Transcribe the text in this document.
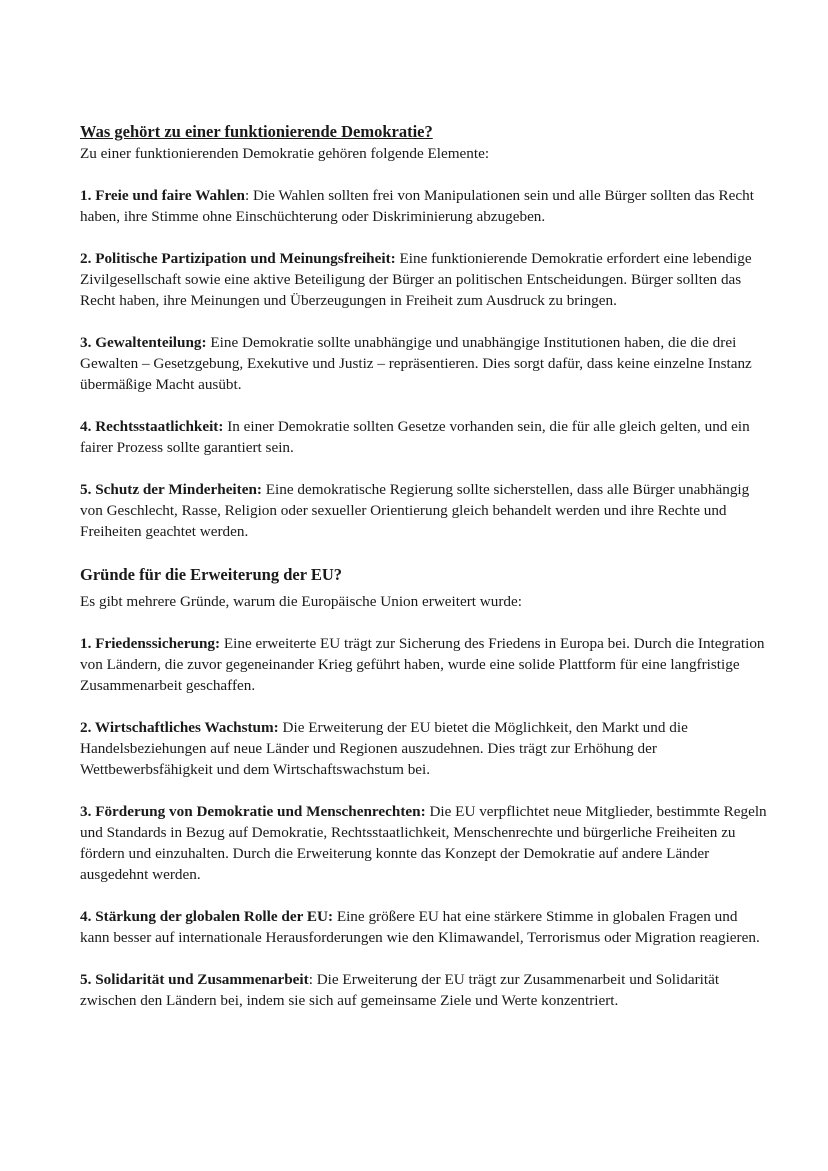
Was gehört zu einer funktionierende Demokratie?

Zu einer funktionierenden Demokratie gehören folgende Elemente:

1. Freie und faire Wahlen: Die Wahlen sollten frei von Manipulationen sein und alle Bürger sollten das Recht haben, ihre Stimme ohne Einschüchterung oder Diskriminierung abzugeben.

2. Politische Partizipation und Meinungsfreiheit: Eine funktionierende Demokratie erfordert eine lebendige Zivilgesellschaft sowie eine aktive Beteiligung der Bürger an politischen Entscheidungen. Bürger sollten das Recht haben, ihre Meinungen und Überzeugungen in Freiheit zum Ausdruck zu bringen.

3. Gewaltenteilung: Eine Demokratie sollte unabhängige und unabhängige Institutionen haben, die die drei Gewalten – Gesetzgebung, Exekutive und Justiz – repräsentieren. Dies sorgt dafür, dass keine einzelne Instanz übermäßige Macht ausübt.

4. Rechtsstaatlichkeit: In einer Demokratie sollten Gesetze vorhanden sein, die für alle gleich gelten, und ein fairer Prozess sollte garantiert sein.

5. Schutz der Minderheiten: Eine demokratische Regierung sollte sicherstellen, dass alle Bürger unabhängig von Geschlecht, Rasse, Religion oder sexueller Orientierung gleich behandelt werden und ihre Rechte und Freiheiten geachtet werden.

Gründe für die Erweiterung der EU?

Es gibt mehrere Gründe, warum die Europäische Union erweitert wurde:

1. Friedenssicherung: Eine erweiterte EU trägt zur Sicherung des Friedens in Europa bei. Durch die Integration von Ländern, die zuvor gegeneinander Krieg geführt haben, wurde eine solide Plattform für eine langfristige Zusammenarbeit geschaffen.

2. Wirtschaftliches Wachstum: Die Erweiterung der EU bietet die Möglichkeit, den Markt und die Handelsbeziehungen auf neue Länder und Regionen auszudehnen. Dies trägt zur Erhöhung der Wettbewerbsfähigkeit und dem Wirtschaftswachstum bei.

3. Förderung von Demokratie und Menschenrechten: Die EU verpflichtet neue Mitglieder, bestimmte Regeln und Standards in Bezug auf Demokratie, Rechtsstaatlichkeit, Menschenrechte und bürgerliche Freiheiten zu fördern und einzuhalten. Durch die Erweiterung konnte das Konzept der Demokratie auf andere Länder ausgedehnt werden.

4. Stärkung der globalen Rolle der EU: Eine größere EU hat eine stärkere Stimme in globalen Fragen und kann besser auf internationale Herausforderungen wie den Klimawandel, Terrorismus oder Migration reagieren.

5. Solidarität und Zusammenarbeit: Die Erweiterung der EU trägt zur Zusammenarbeit und Solidarität zwischen den Ländern bei, indem sie sich auf gemeinsame Ziele und Werte konzentriert.
